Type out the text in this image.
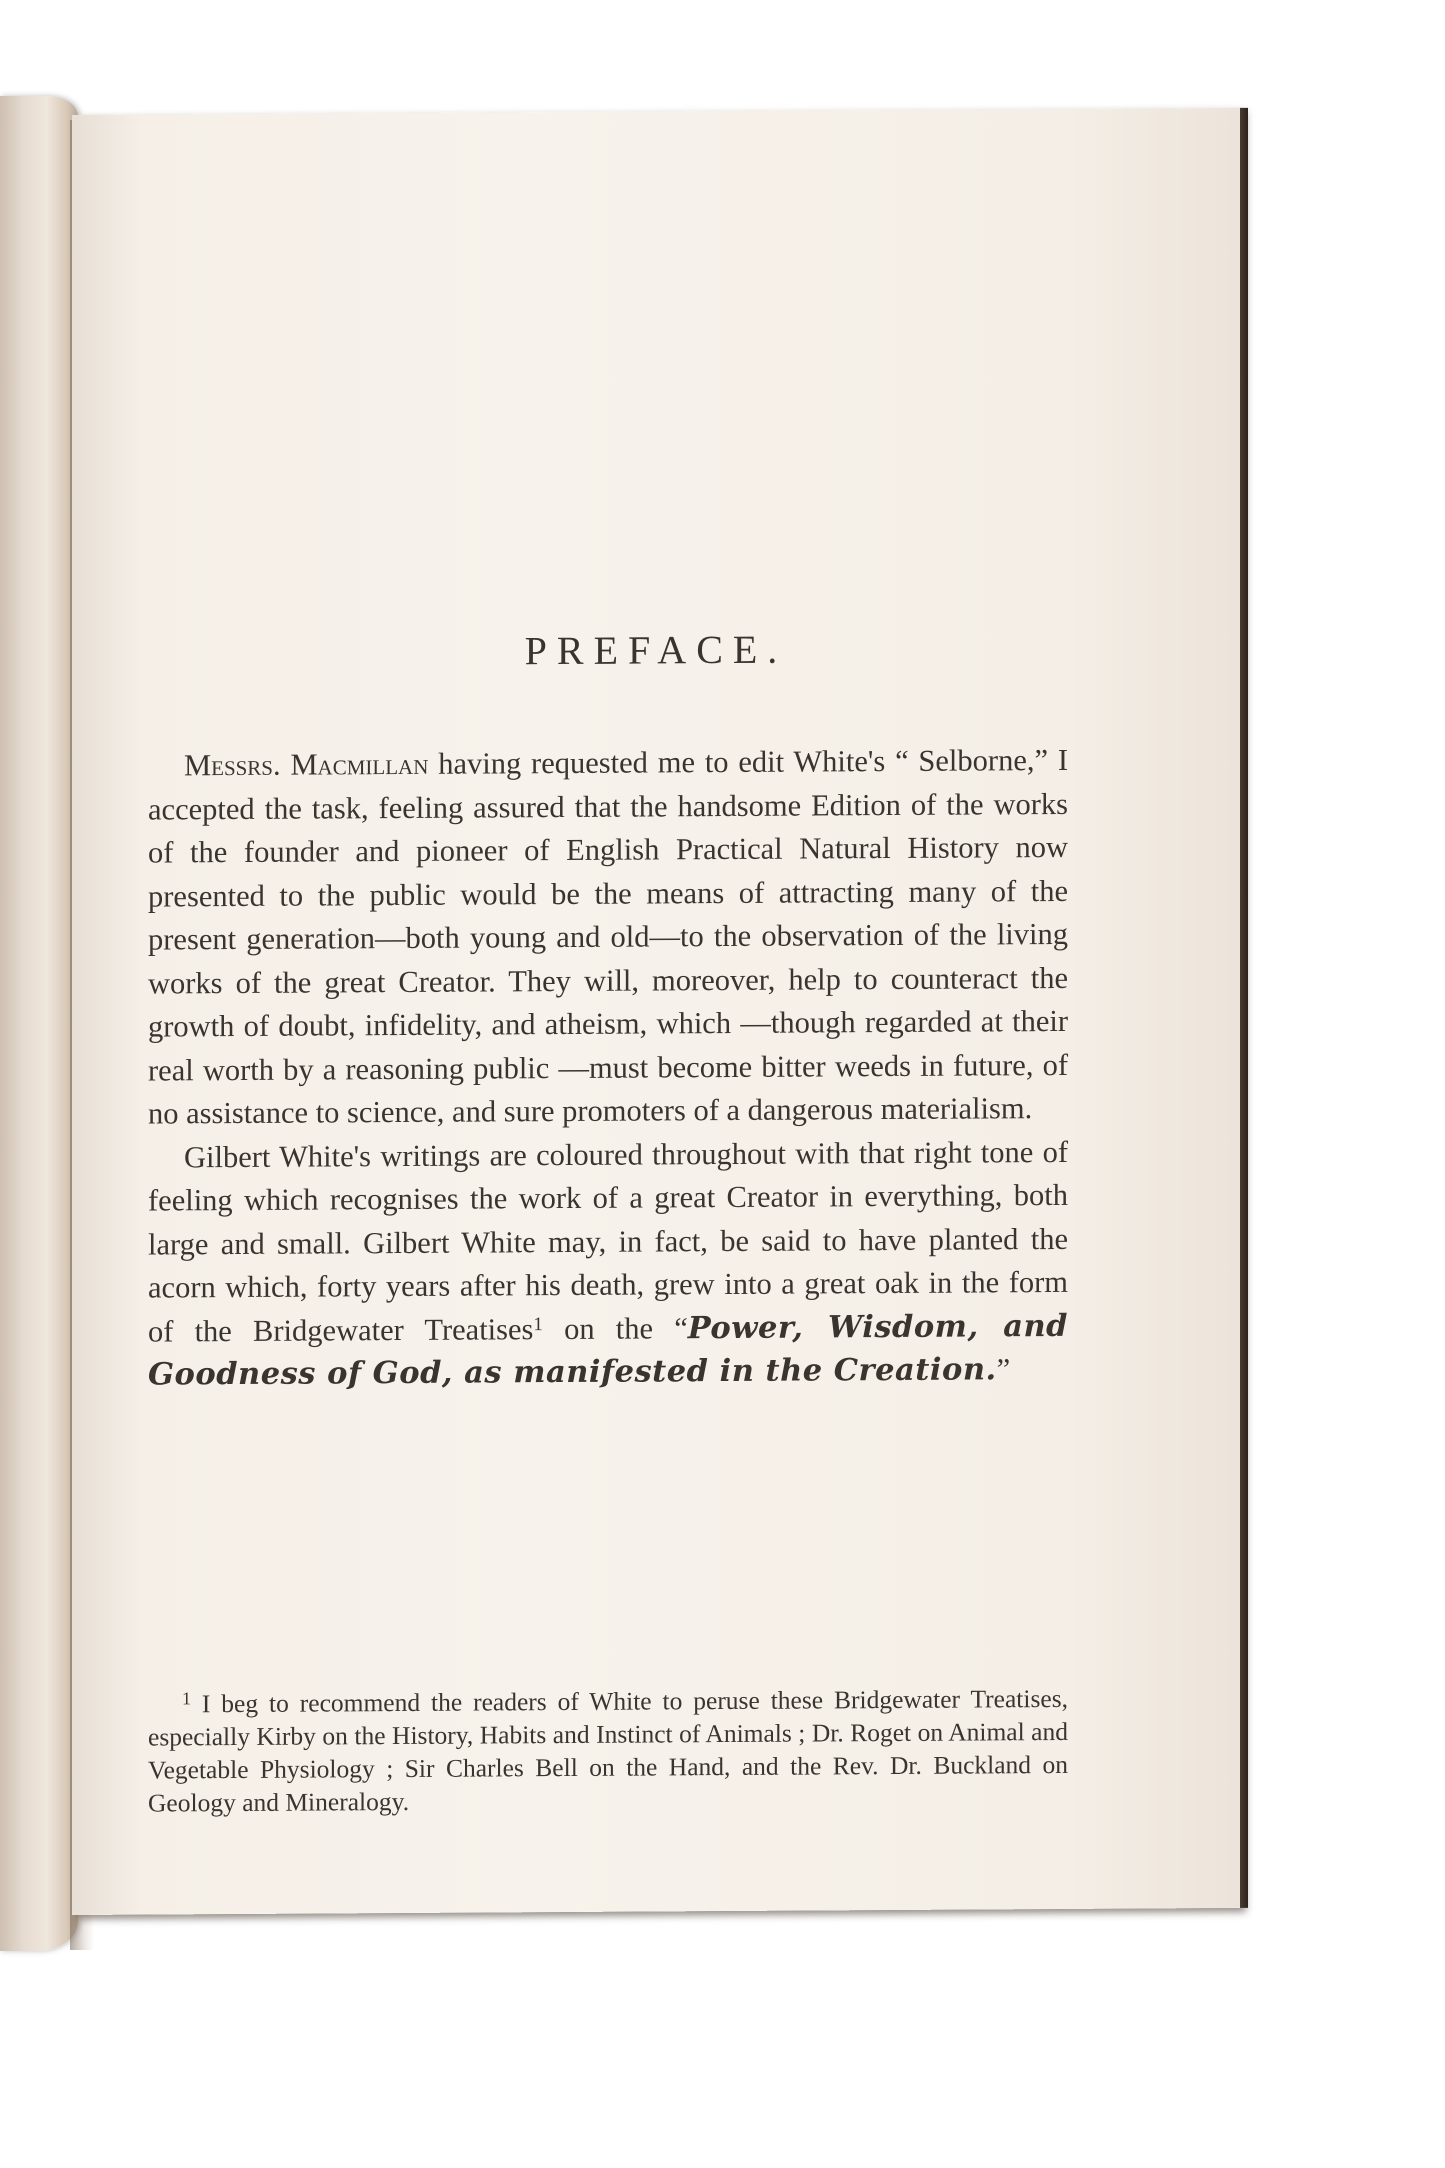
PREFACE.

Messrs. Macmillan having requested me to edit White's “ Selborne,” I accepted the task, feeling assured that the handsome Edition of the works of the founder and pioneer of English Practical Natural History now presented to the public would be the means of attracting many of the present generation—both young and old—to the observation of the living works of the great Creator. They will, moreover, help to counteract the growth of doubt, infidelity, and atheism, which —though regarded at their real worth by a reasoning public —must become bitter weeds in future, of no assistance to science, and sure promoters of a dangerous materialism.

Gilbert White's writings are coloured throughout with that right tone of feeling which recognises the work of a great Creator in everything, both large and small. Gilbert White may, in fact, be said to have planted the acorn which, forty years after his death, grew into a great oak in the form of the Bridgewater Treatises$^1$ on the “Power, Wisdom, and Goodness of God, as manifested in the Creation.”

$^1$ I beg to recommend the readers of White to peruse these Bridgewater Treatises, especially Kirby on the History, Habits and Instinct of Animals ; Dr. Roget on Animal and Vegetable Physiology ; Sir Charles Bell on the Hand, and the Rev. Dr. Buckland on Geology and Mineralogy.
